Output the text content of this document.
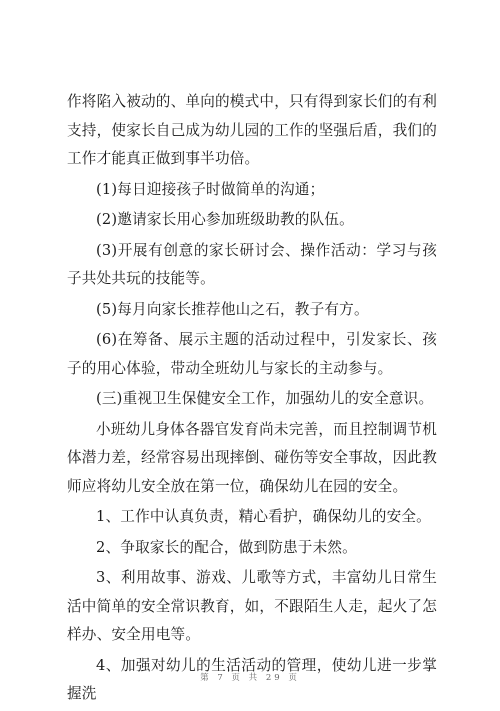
作将陷入被动的、单向的模式中，只有得到家长们的有利支持，使家长自己成为幼儿园的工作的坚强后盾，我们的工作才能真正做到事半功倍。

(1)每日迎接孩子时做简单的沟通；

(2)邀请家长用心参加班级助教的队伍。

(3)开展有创意的家长研讨会、操作活动：学习与孩子共处共玩的技能等。

(5)每月向家长推荐他山之石，教子有方。

(6)在筹备、展示主题的活动过程中，引发家长、孩子的用心体验，带动全班幼儿与家长的主动参与。

(三)重视卫生保健安全工作，加强幼儿的安全意识。

小班幼儿身体各器官发育尚未完善，而且控制调节机体潜力差，经常容易出现摔倒、碰伤等安全事故，因此教师应将幼儿安全放在第一位，确保幼儿在园的安全。

1、工作中认真负责，精心看护，确保幼儿的安全。

2、争取家长的配合，做到防患于未然。

3、利用故事、游戏、儿歌等方式，丰富幼儿日常生活中简单的安全常识教育，如，不跟陌生人走，起火了怎样办、安全用电等。

4、加强对幼儿的生活活动的管理，使幼儿进一步掌握洗

第 7 页 共 29 页
